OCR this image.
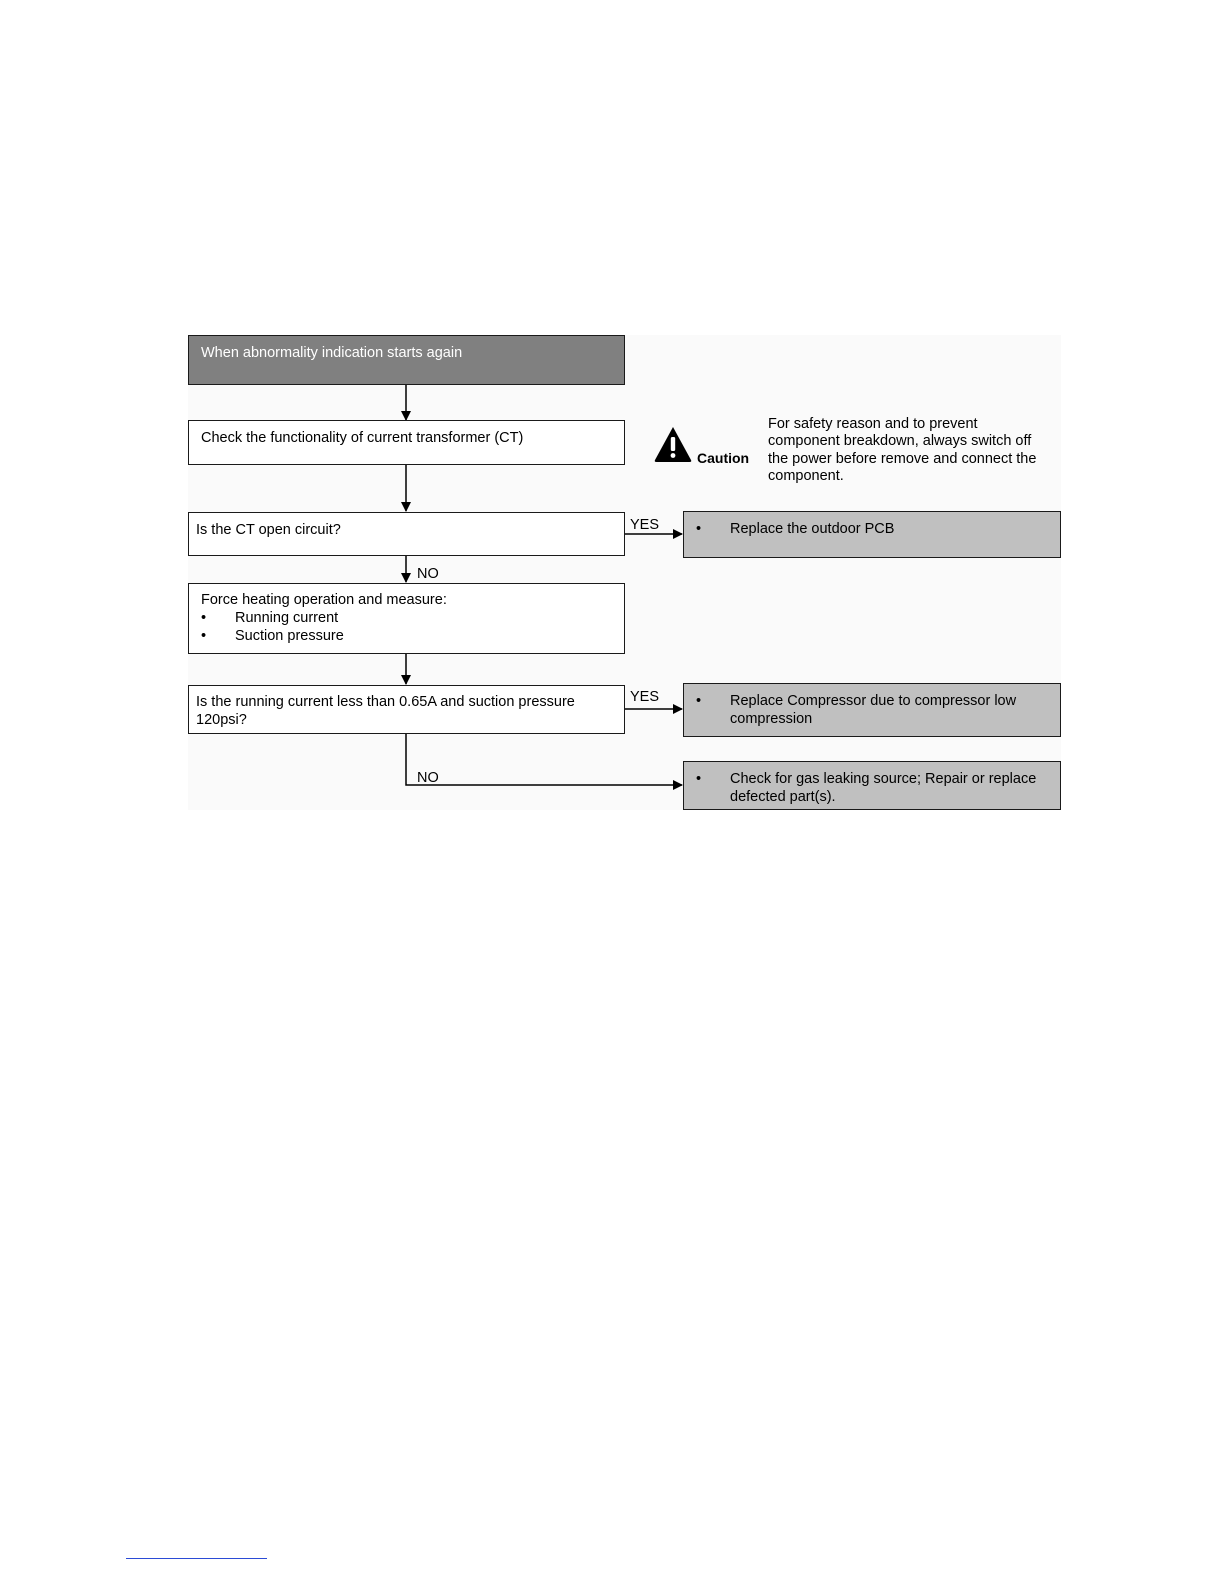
When abnormality indication starts again
Check the functionality of current transformer (CT)
Is the CT open circuit?
Force heating operation and measure:
• Running current
• Suction pressure
Is the running current less than 0.65A and suction pressure 120psi?
YES
NO
YES
NO
• Replace the outdoor PCB
• Replace Compressor due to compressor low compression
• Check for gas leaking source; Repair or replace defected part(s).
Caution
For safety reason and to prevent component breakdown, always switch off the power before remove and connect the component.
